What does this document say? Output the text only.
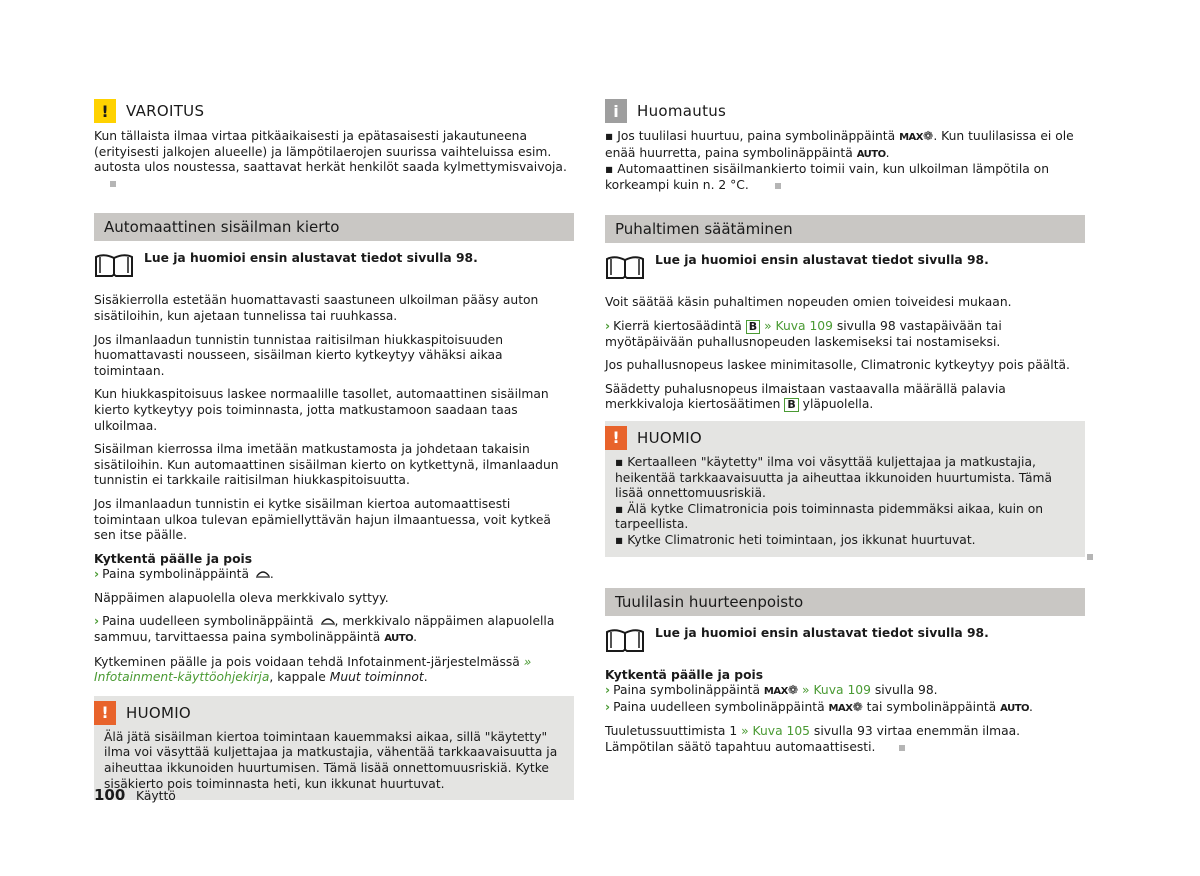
!	VAROITUS

Kun tällaista ilmaa virtaa pitkäaikaisesti ja epätasaisesti jakautuneena (erityisesti jalkojen alueelle) ja lämpötilaerojen suurissa vaihteluissa esim. autosta ulos noustessa, saattavat herkät henkilöt saada kylmettymisvaivoja.

Automaattinen sisäilman kierto
Lue ja huomioi ensin alustavat tiedot sivulla 98.

Sisäkierrolla estetään huomattavasti saastuneen ulkoilman pääsy auton sisätiloihin, kun ajetaan tunnelissa tai ruuhkassa.

Jos ilmanlaadun tunnistin tunnistaa raitisilman hiukkaspitoisuuden huomattavasti nousseen, sisäilman kierto kytkeytyy vähäksi aikaa toimintaan.

Kun hiukkaspitoisuus laskee normaalille tasollet, automaattinen sisäilman kierto kytkeytyy pois toiminnasta, jotta matkustamoon saadaan taas ulkoilmaa.

Sisäilman kierrossa ilma imetään matkustamosta ja johdetaan takaisin sisätiloihin. Kun automaattinen sisäilman kierto on kytkettynä, ilmanlaadun tunnistin ei tarkkaile raitisilman hiukkaspitoisuutta.

Jos ilmanlaadun tunnistin ei kytke sisäilman kiertoa automaattisesti toimintaan ulkoa tulevan epämiellyttävän hajun ilmaantuessa, voit kytkeä sen itse päälle.

Kytkentä päälle ja pois

› Paina symbolinäppäintä .

Näppäimen alapuolella oleva merkkivalo syttyy.

› Paina uudelleen symbolinäppäintä , merkkivalo näppäimen alapuolella sammuu, tarvittaessa paina symbolinäppäintä AUTO.

Kytkeminen päälle ja pois voidaan tehdä Infotainment-järjestelmässä » Infotainment-käyttöohjekirja, kappale Muut toiminnot.

!	HUOMIO

Älä jätä sisäilman kiertoa toimintaan kauemmaksi aikaa, sillä "käytetty" ilma voi väsyttää kuljettajaa ja matkustajia, vähentää tarkkaavaisuutta ja aiheuttaa ikkunoiden huurtumisen. Tämä lisää onnettomuusriskiä. Kytke sisäkierto pois toiminnasta heti, kun ikkunat huurtuvat.

i	Huomautus

▪ Jos tuulilasi huurtuu, paina symbolinäppäintä MAX❁. Kun tuulilasissa ei ole enää huurretta, paina symbolinäppäintä AUTO.

▪ Automaattinen sisäilmankierto toimii vain, kun ulkoilman lämpötila on korkeampi kuin n. 2 °C.

Puhaltimen säätäminen
Lue ja huomioi ensin alustavat tiedot sivulla 98.

Voit säätää käsin puhaltimen nopeuden omien toiveidesi mukaan.

› Kierrä kiertosäädintä B » Kuva 109 sivulla 98 vastapäivään tai myötäpäivään puhallusnopeuden laskemiseksi tai nostamiseksi.

Jos puhallusnopeus laskee minimitasolle, Climatronic kytkeytyy pois päältä.

Säädetty puhalusnopeus ilmaistaan vastaavalla määrällä palavia merkkivaloja kiertosäätimen B yläpuolella.

!	HUOMIO

▪ Kertaalleen "käytetty" ilma voi väsyttää kuljettajaa ja matkustajia, heikentää tarkkaavaisuutta ja aiheuttaa ikkunoiden huurtumista. Tämä lisää onnettomuusriskiä.

▪ Älä kytke Climatronicia pois toiminnasta pidemmäksi aikaa, kuin on tarpeellista.

▪ Kytke Climatronic heti toimintaan, jos ikkunat huurtuvat.

Tuulilasin huurteenpoisto
Lue ja huomioi ensin alustavat tiedot sivulla 98.

Kytkentä päälle ja pois

› Paina symbolinäppäintä MAX❁ » Kuva 109 sivulla 98.

› Paina uudelleen symbolinäppäintä MAX❁ tai symbolinäppäintä AUTO.

Tuuletussuuttimista 1 » Kuva 105 sivulla 93 virtaa enemmän ilmaa. Lämpötilan säätö tapahtuu automaattisesti.

100 Käyttö
